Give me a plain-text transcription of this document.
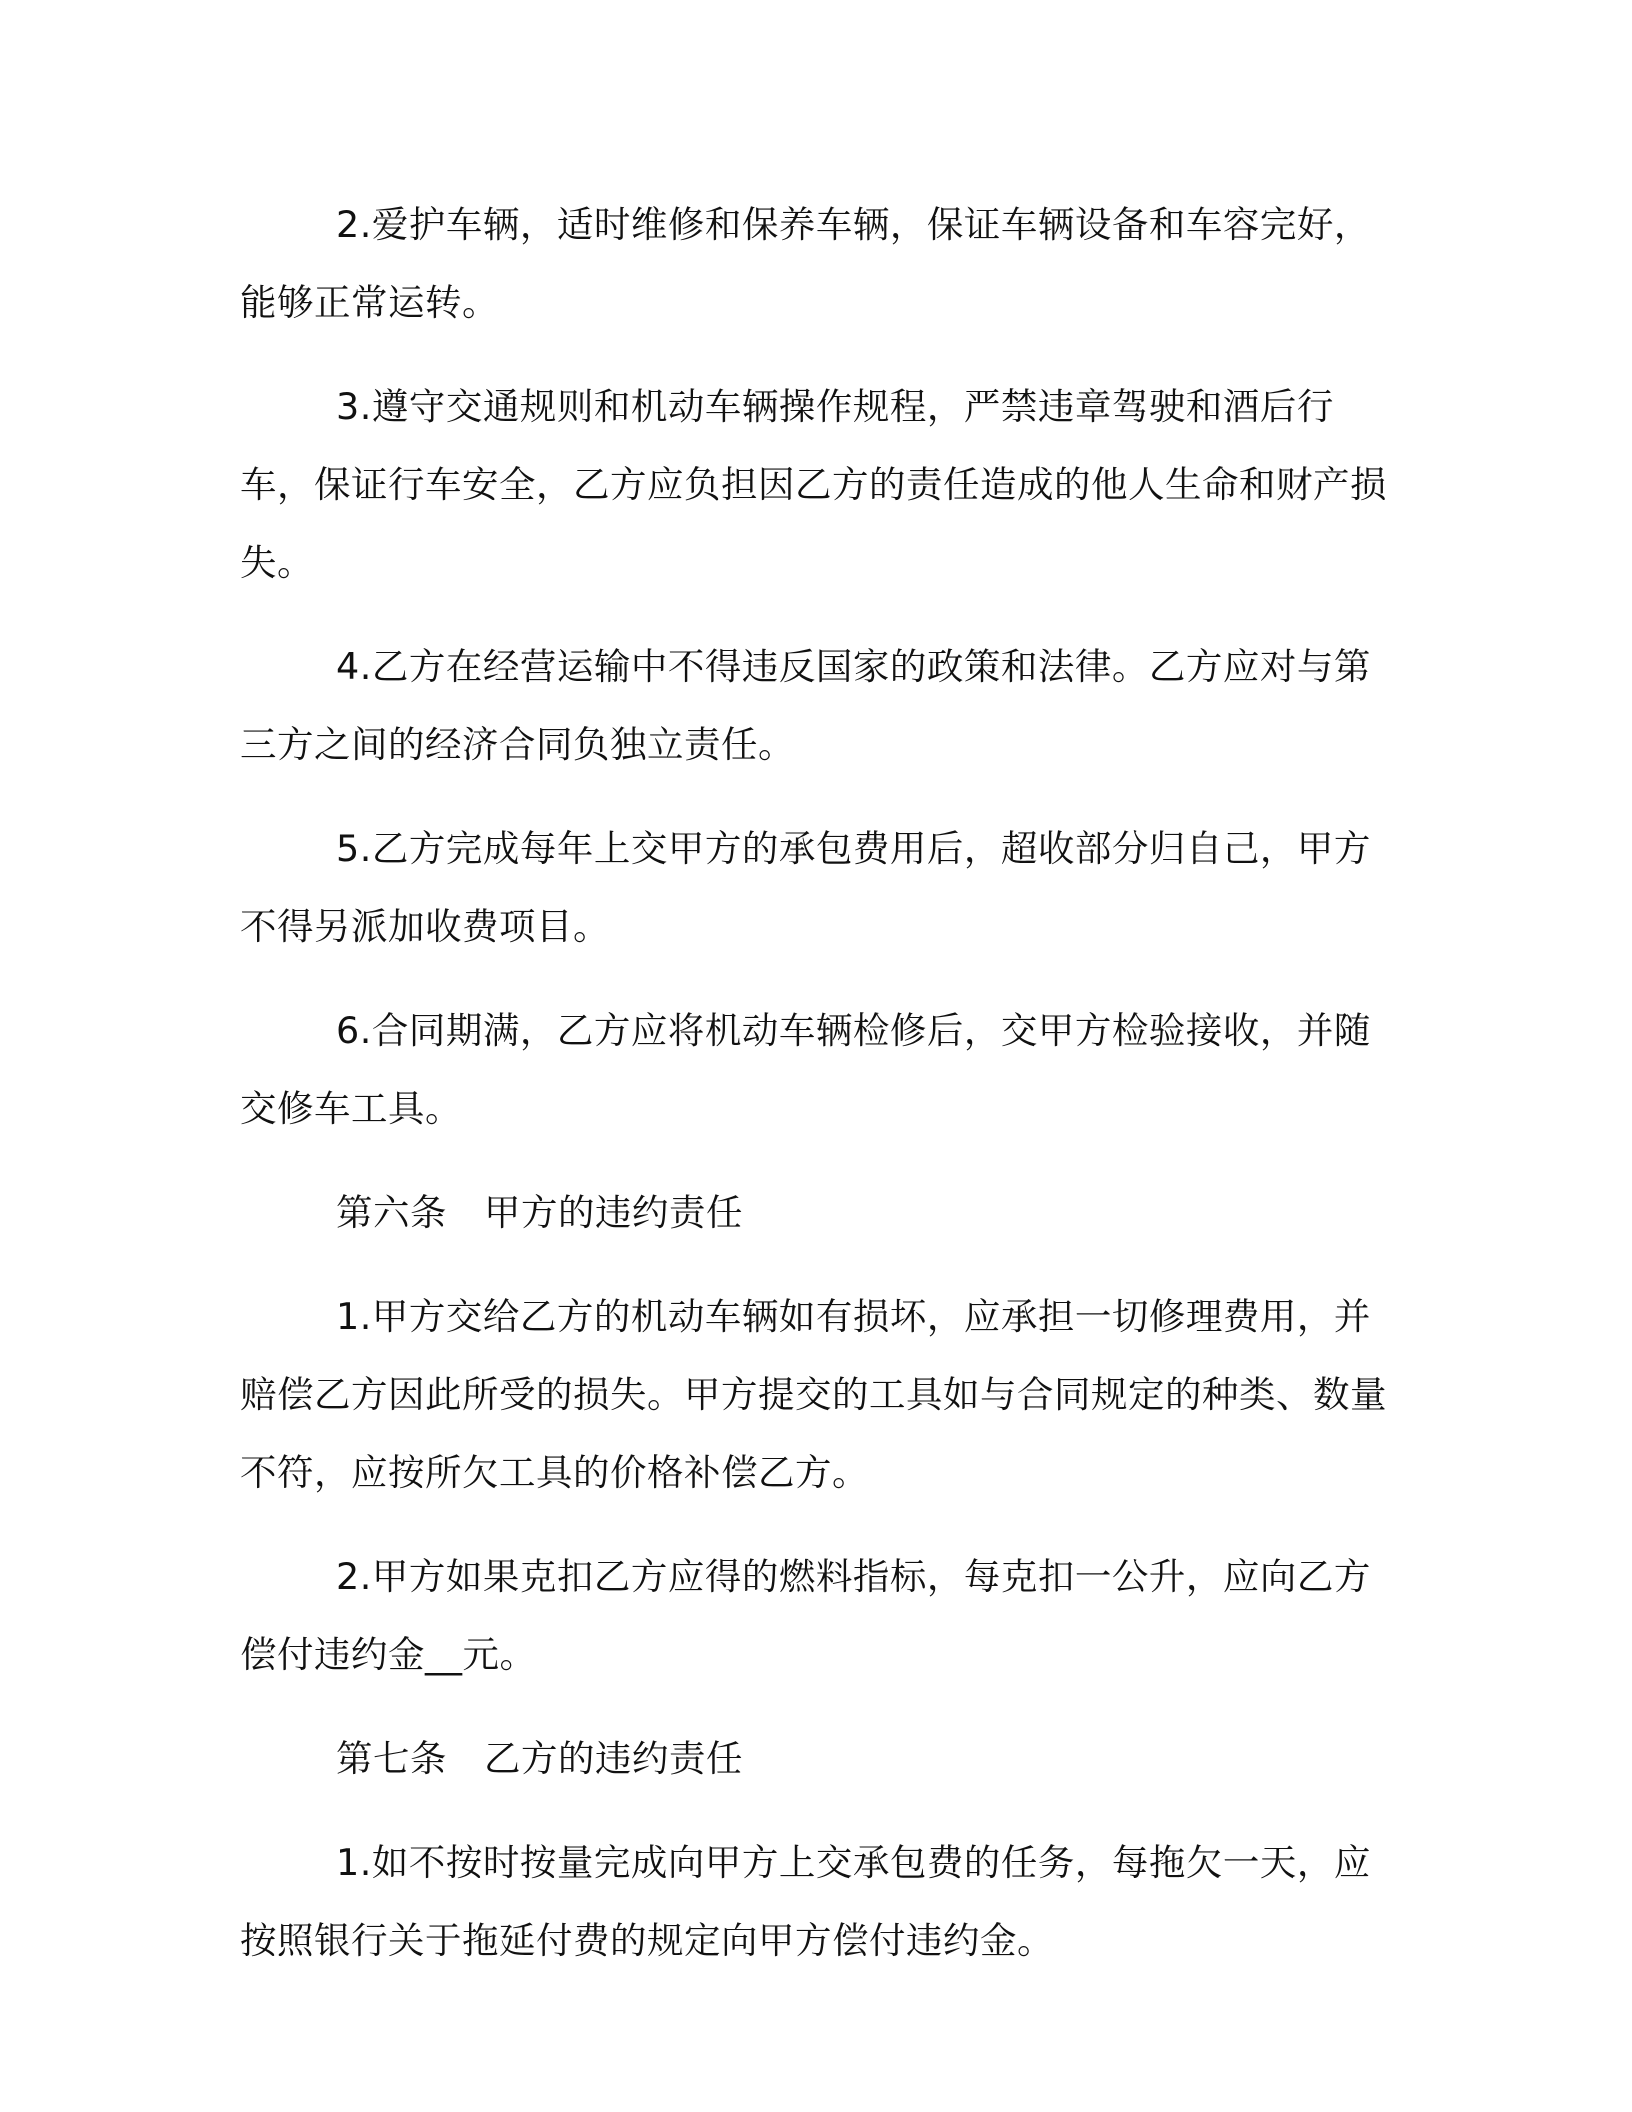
2.爱护车辆，适时维修和保养车辆，保证车辆设备和车容完好，能够正常运转。

3.遵守交通规则和机动车辆操作规程，严禁违章驾驶和酒后行车，保证行车安全，乙方应负担因乙方的责任造成的他人生命和财产损失。

4.乙方在经营运输中不得违反国家的政策和法律。乙方应对与第三方之间的经济合同负独立责任。

5.乙方完成每年上交甲方的承包费用后，超收部分归自己，甲方不得另派加收费项目。

6.合同期满，乙方应将机动车辆检修后，交甲方检验接收，并随交修车工具。

第六条　甲方的违约责任

1.甲方交给乙方的机动车辆如有损坏，应承担一切修理费用，并赔偿乙方因此所受的损失。甲方提交的工具如与合同规定的种类、数量不符，应按所欠工具的价格补偿乙方。

2.甲方如果克扣乙方应得的燃料指标，每克扣一公升，应向乙方偿付违约金__元。

第七条　乙方的违约责任

1.如不按时按量完成向甲方上交承包费的任务，每拖欠一天，应按照银行关于拖延付费的规定向甲方偿付违约金。
